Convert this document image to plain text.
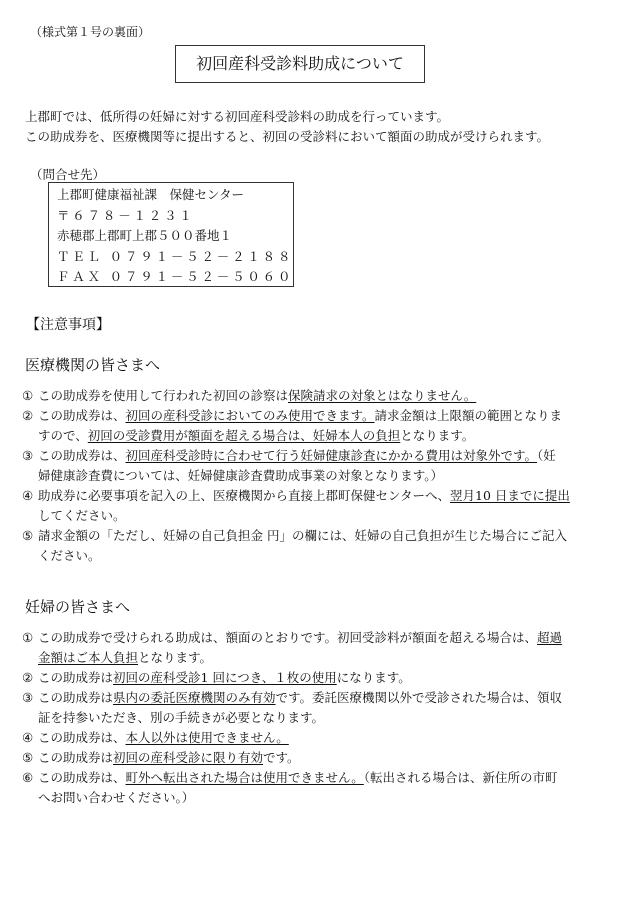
（様式第１号の裏面）
初回産科受診料助成について

上郡町では、低所得の妊婦に対する初回産科受診料の助成を行っています。

この助成券を、医療機関等に提出すると、初回の受診料において額面の助成が受けられます。

（問合せ先）
上郡町健康福祉課　保健センター
〒６７８－１２３１
赤穂郡上郡町上郡５００番地１
ＴＥＬ ０７９１－５２－２１８８
ＦＡＸ ０７９１－５２－５０６０
【注意事項】
医療機関の皆さまへ
① この助成券を使用して行われた初回の診察は保険請求の対象とはなりません。
② この助成券は、初回の産科受診においてのみ使用できます。請求金額は上限額の範囲となりま
すので、初回の受診費用が額面を超える場合は、妊婦本人の負担となります。
③ この助成券は、初回産科受診時に合わせて行う妊婦健康診査にかかる費用は対象外です。（妊
婦健康診査費については、妊婦健康診査費助成事業の対象となります。）
④ 助成券に必要事項を記入の上、医療機関から直接上郡町保健センターへ、翌月10 日までに提出
してください。
⑤ 請求金額の「ただし、妊婦の自己負担金 円」の欄には、妊婦の自己負担が生じた場合にご記入
ください。
妊婦の皆さまへ
① この助成券で受けられる助成は、額面のとおりです。初回受診料が額面を超える場合は、超過
金額はご本人負担となります。
② この助成券は初回の産科受診1 回につき、１枚の使用になります。
③ この助成券は県内の委託医療機関のみ有効です。委託医療機関以外で受診された場合は、領収
証を持参いただき、別の手続きが必要となります。
④ この助成券は、本人以外は使用できません。
⑤ この助成券は初回の産科受診に限り有効です。
⑥ この助成券は、町外へ転出された場合は使用できません。（転出される場合は、新住所の市町
へお問い合わせください。）
